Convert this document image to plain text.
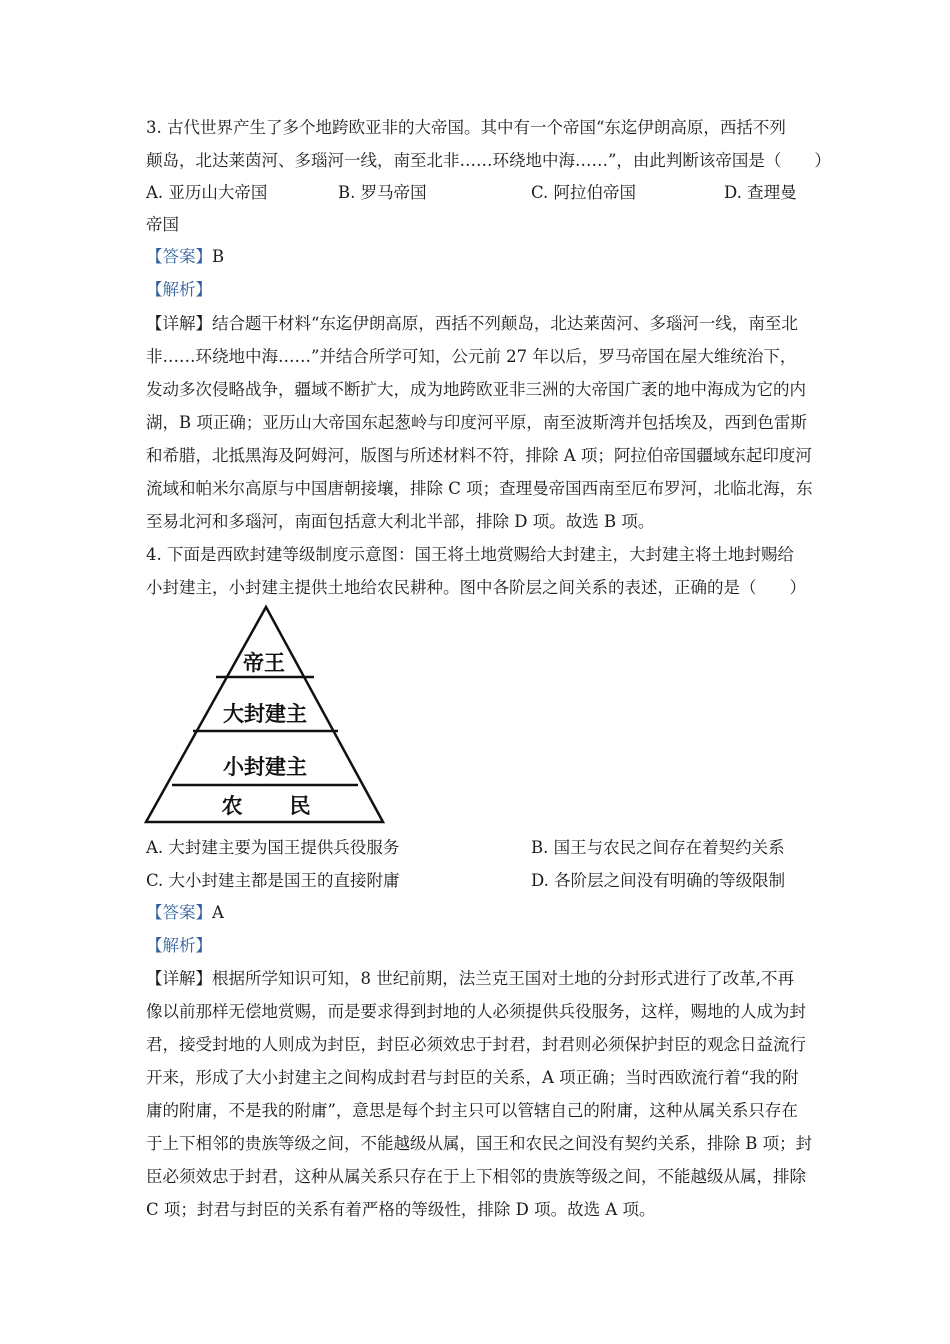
3. 古代世界产生了多个地跨欧亚非的大帝国。其中有一个帝国“东迄伊朗高原，西括不列
颠岛，北达莱茵河、多瑙河一线，南至北非……环绕地中海……”，由此判断该帝国是（　　）
A. 亚历山大帝国	B. 罗马帝国	C. 阿拉伯帝国	D. 查理曼
帝国
【答案】B
【解析】
【详解】结合题干材料“东迄伊朗高原，西括不列颠岛，北达莱茵河、多瑙河一线，南至北
非……环绕地中海……”并结合所学可知，公元前 27 年以后，罗马帝国在屋大维统治下，
发动多次侵略战争，疆域不断扩大，成为地跨欧亚非三洲的大帝国广袤的地中海成为它的内
湖，B 项正确；亚历山大帝国东起葱岭与印度河平原，南至波斯湾并包括埃及，西到色雷斯
和希腊，北抵黑海及阿姆河，版图与所述材料不符，排除 A 项；阿拉伯帝国疆域东起印度河
流域和帕米尔高原与中国唐朝接壤，排除 C 项；查理曼帝国西南至厄布罗河，北临北海，东
至易北河和多瑙河，南面包括意大利北半部，排除 D 项。故选 B 项。
4. 下面是西欧封建等级制度示意图：国王将土地赏赐给大封建主，大封建主将土地封赐给
小封建主，小封建主提供土地给农民耕种。图中各阶层之间关系的表述，正确的是（　　）
帝王
大封建主
小封建主
农 民
A. 大封建主要为国王提供兵役服务	B. 国王与农民之间存在着契约关系
C. 大小封建主都是国王的直接附庸	D. 各阶层之间没有明确的等级限制
【答案】A
【解析】
【详解】根据所学知识可知，8 世纪前期，法兰克王国对土地的分封形式进行了改革,不再
像以前那样无偿地赏赐，而是要求得到封地的人必须提供兵役服务，这样，赐地的人成为封
君，接受封地的人则成为封臣，封臣必须效忠于封君，封君则必须保护封臣的观念日益流行
开来，形成了大小封建主之间构成封君与封臣的关系，A 项正确；当时西欧流行着“我的附
庸的附庸，不是我的附庸”，意思是每个封主只可以管辖自己的附庸，这种从属关系只存在
于上下相邻的贵族等级之间，不能越级从属，国王和农民之间没有契约关系，排除 B 项；封
臣必须效忠于封君，这种从属关系只存在于上下相邻的贵族等级之间，不能越级从属，排除
C 项；封君与封臣的关系有着严格的等级性，排除 D 项。故选 A 项。
